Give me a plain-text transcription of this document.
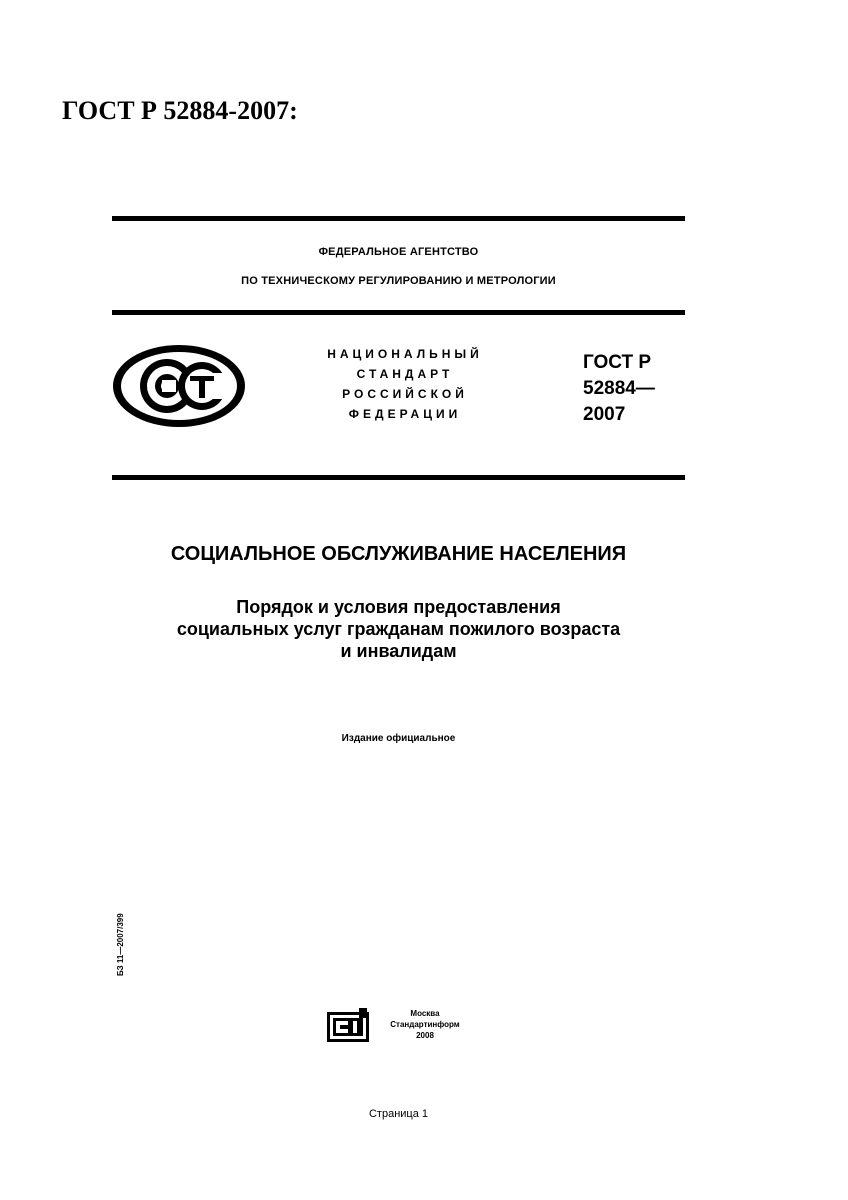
ГОСТ Р 52884-2007:
ФЕДЕРАЛЬНОЕ АГЕНТСТВО
ПО ТЕХНИЧЕСКОМУ РЕГУЛИРОВАНИЮ И МЕТРОЛОГИИ
НАЦИОНАЛЬНЫЙ
СТАНДАРТ
РОССИЙСКОЙ
ФЕДЕРАЦИИ
ГОСТ Р
52884—
2007
СОЦИАЛЬНОЕ ОБСЛУЖИВАНИЕ НАСЕЛЕНИЯ
Порядок и условия предоставления
социальных услуг гражданам пожилого возраста
и инвалидам
Издание официальное
БЗ 11—2007/399
Москва
Стандартинформ
2008
Страница 1
